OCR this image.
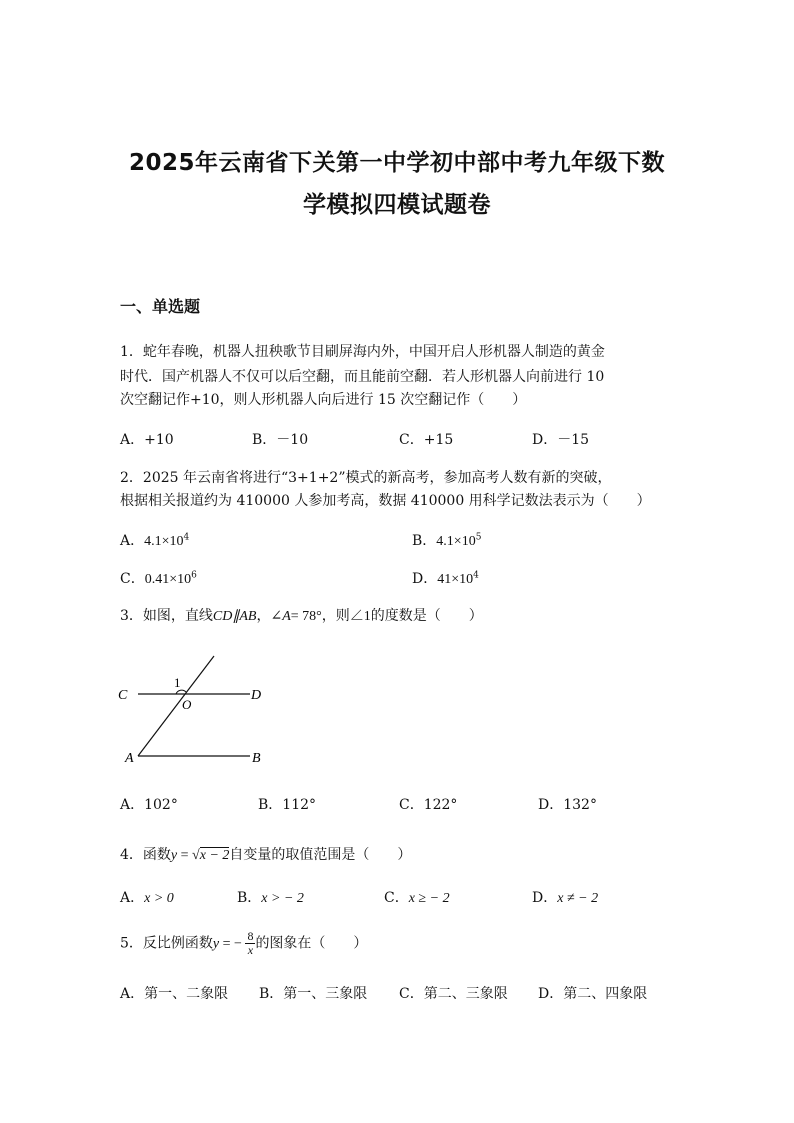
2025年云南省下关第一中学初中部中考九年级下数
学模拟四模试题卷
一、单选题
1．蛇年春晚，机器人扭秧歌节目刷屏海内外，中国开启人形机器人制造的黄金
时代．国产机器人不仅可以后空翻，而且能前空翻．若人形机器人向前进行 10
次空翻记作+10，则人形机器人向后进行 15 次空翻记作（　　）
A．+10	B．－10	C．+15	D．－15
2．2025 年云南省将进行“3+1+2”模式的新高考，参加高考人数有新的突破，
根据相关报道约为 410000 人参加考高，数据 410000 用科学记数法表示为（　　）
A．$4.1\times 10^4$	B．$4.1\times 10^5$
C．$0.41\times 10^6$	D．$41\times 10^4$
3．如图，直线CD∥AB，∠A= 78°，则∠1的度数是（　　）
1
C
O
D
A	B
A．102°	B．112°	C．122°	D．132°
4．函数y = √x − 2自变量的取值范围是（　　）
A．x > 0	B．x > − 2	C．x ≥ − 2	D．x ≠ − 2
5．反比例函数y = − $\frac{8}{x}$ 的图象在（　　）
A．第一、二象限 B．第一、三象限 C．第二、三象限 D．第二、四象限
